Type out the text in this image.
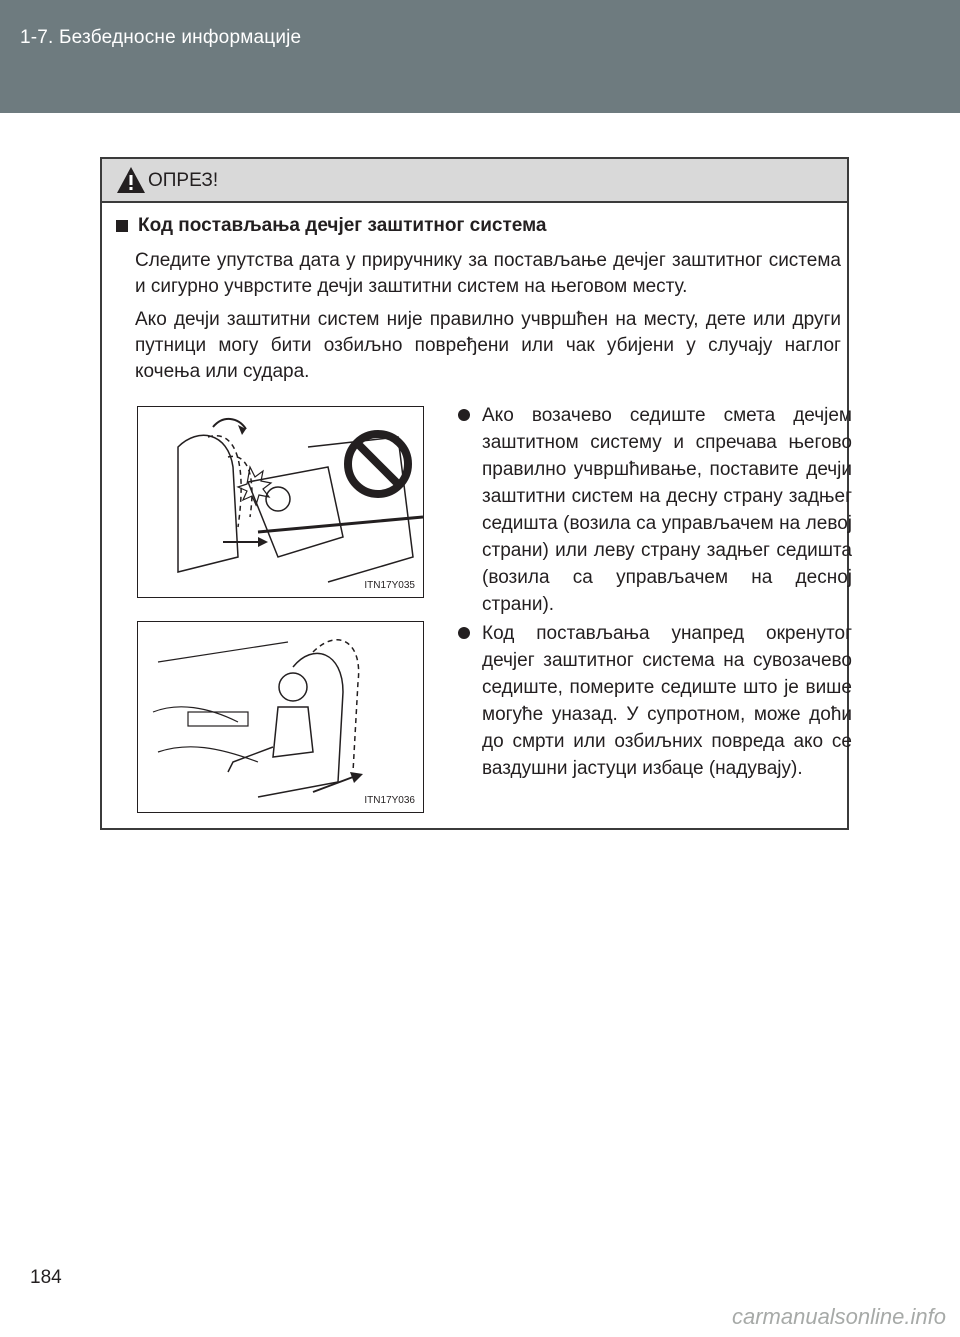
1-7. Безбедносне информације
ОПРЕЗ!
Код постављања дечјег заштитног система
Следите упутства дата у приручнику за постављање дечјег заштитног система и сигурно учврстите дечји заштитни систем на његовом месту.
Ако дечји заштитни систем није правилно учвршћен на месту, дете или други путници могу бити озбиљно повређени или чак убијени у случају наглог кочења или судара.
ITN17Y035
ITN17Y036
Ако возачево седиште смета дечјем заштитном систему и спречава његово правилно учвршћивање, поставите дечји заштитни систем на десну страну задњег седишта (возила са управљачем на левој страни) или леву страну задњег седишта (возила са управљачем на десној страни).
Код постављања унапред окренутог дечјег заштитног система на сувозачево седиште, померите седиште што је више могуће уназад. У супротном, може доћи до смрти или озбиљних повреда ако се ваздушни јастуци избаце (надувају).
184
carmanualsonline.info
